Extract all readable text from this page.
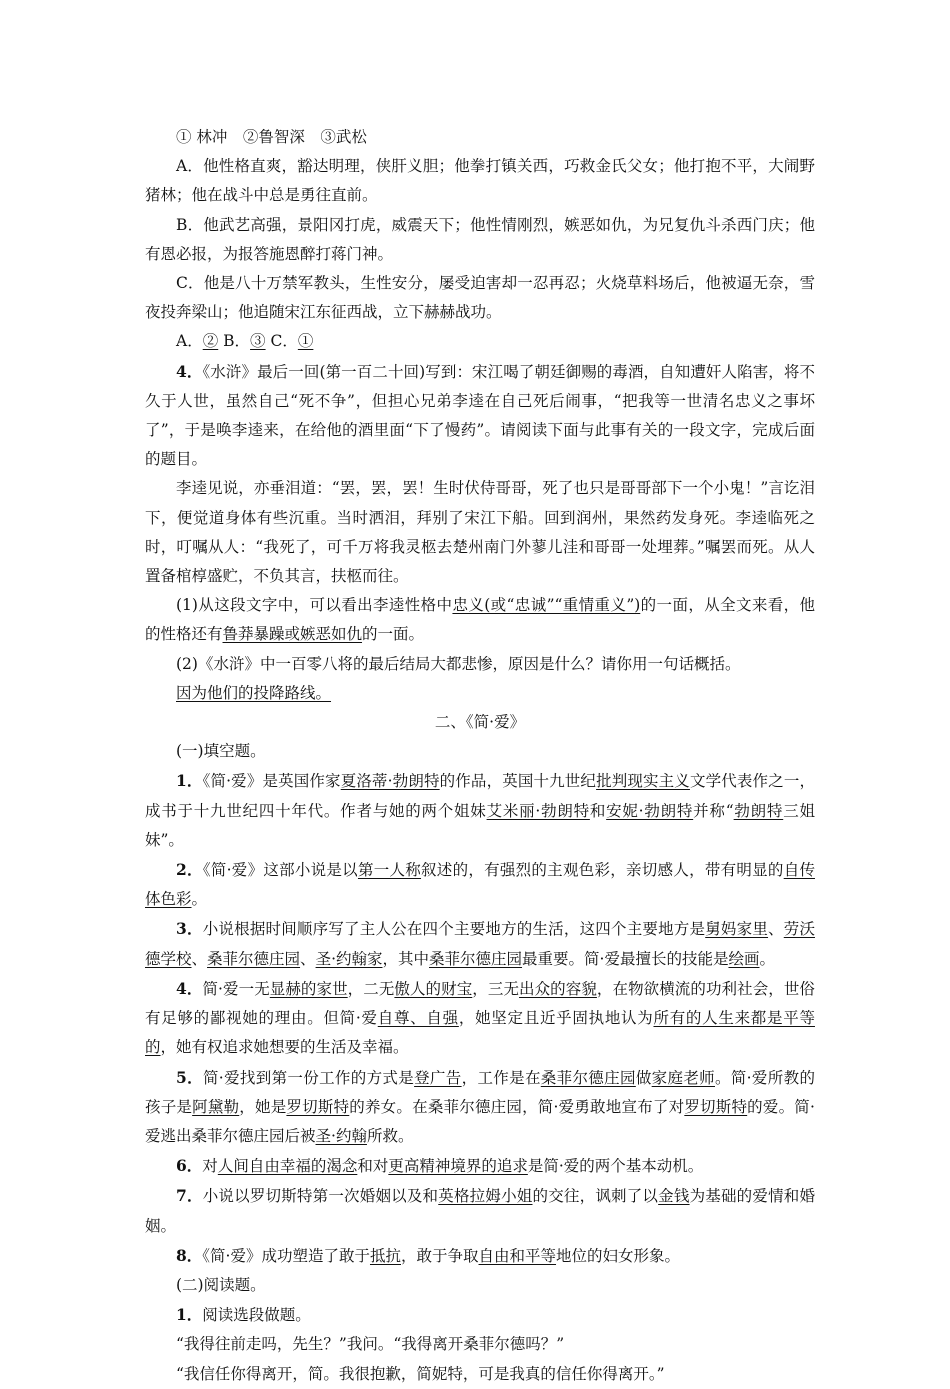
① 林冲　②鲁智深　③武松

A．他性格直爽，豁达明理，侠肝义胆；他拳打镇关西，巧救金氏父女；他打抱不平，大闹野猪林；他在战斗中总是勇往直前。

B．他武艺高强，景阳冈打虎，威震天下；他性情刚烈，嫉恶如仇，为兄复仇斗杀西门庆；他有恩必报，为报答施恩醉打蒋门神。

C．他是八十万禁军教头，生性安分，屡受迫害却一忍再忍；火烧草料场后，他被逼无奈，雪夜投奔梁山；他追随宋江东征西战，立下赫赫战功。

A．② B．③ C．①

4．《水浒》最后一回(第一百二十回)写到：宋江喝了朝廷御赐的毒酒，自知遭奸人陷害，将不久于人世，虽然自己“死不争”，但担心兄弟李逵在自己死后闹事，“把我等一世清名忠义之事坏了”，于是唤李逵来，在给他的酒里面“下了慢药”。请阅读下面与此事有关的一段文字，完成后面的题目。

李逵见说，亦垂泪道：“罢，罢，罢！生时伏侍哥哥，死了也只是哥哥部下一个小鬼！”言讫泪下，便觉道身体有些沉重。当时洒泪，拜别了宋江下船。回到润州，果然药发身死。李逵临死之时，叮嘱从人：“我死了，可千万将我灵柩去楚州南门外蓼儿洼和哥哥一处埋葬。”嘱罢而死。从人置备棺椁盛贮，不负其言，扶柩而往。

(1)从这段文字中，可以看出李逵性格中忠义(或“忠诚”“重情重义”)的一面，从全文来看，他的性格还有鲁莽暴躁或嫉恶如仇的一面。

(2)《水浒》中一百零八将的最后结局大都悲惨，原因是什么？请你用一句话概括。

因为他们的投降路线。

二、《简·爱》

(一)填空题。

1．《简·爱》是英国作家夏洛蒂·勃朗特的作品，英国十九世纪批判现实主义文学代表作之一，成书于十九世纪四十年代。作者与她的两个姐妹艾米丽·勃朗特和安妮·勃朗特并称“勃朗特三姐妹”。

2．《简·爱》这部小说是以第一人称叙述的，有强烈的主观色彩，亲切感人，带有明显的自传体色彩。

3．小说根据时间顺序写了主人公在四个主要地方的生活，这四个主要地方是舅妈家里、劳沃德学校、桑菲尔德庄园、圣·约翰家，其中桑菲尔德庄园最重要。简·爱最擅长的技能是绘画。

4．简·爱一无显赫的家世，二无傲人的财宝，三无出众的容貌，在物欲横流的功利社会，世俗有足够的鄙视她的理由。但简·爱自尊、自强，她坚定且近乎固执地认为所有的人生来都是平等的，她有权追求她想要的生活及幸福。

5．简·爱找到第一份工作的方式是登广告，工作是在桑菲尔德庄园做家庭老师。简·爱所教的孩子是阿黛勒，她是罗切斯特的养女。在桑菲尔德庄园，简·爱勇敢地宣布了对罗切斯特的爱。简·爱逃出桑菲尔德庄园后被圣·约翰所救。

6．对人间自由幸福的渴念和对更高精神境界的追求是简·爱的两个基本动机。

7．小说以罗切斯特第一次婚姻以及和英格拉姆小姐的交往，讽刺了以金钱为基础的爱情和婚姻。

8．《简·爱》成功塑造了敢于抵抗，敢于争取自由和平等地位的妇女形象。

(二)阅读题。

1．阅读选段做题。

“我得往前走吗，先生？”我问。“我得离开桑菲尔德吗？”

“我信任你得离开，简。我很抱歉，简妮特，可是我真的信任你得离开。”
